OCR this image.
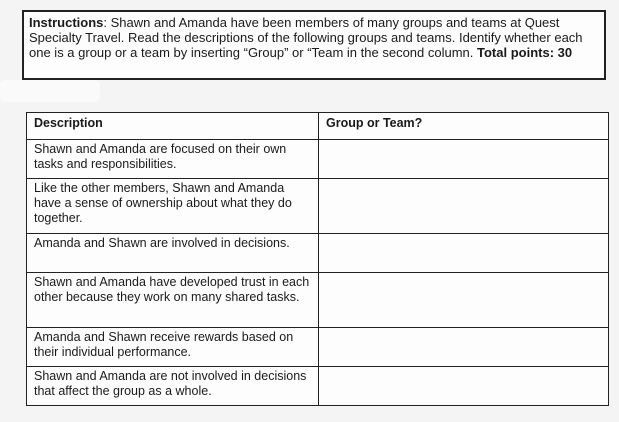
Instructions: Shawn and Amanda have been members of many groups and teams at Quest Specialty Travel. Read the descriptions of the following groups and teams. Identify whether each one is a group or a team by inserting “Group” or “Team in the second column. Total points: 30
Description	Group or Team?
Shawn and Amanda are focused on their own tasks and responsibilities.	
Like the other members, Shawn and Amanda have a sense of ownership about what they do together.	
Amanda and Shawn are involved in decisions.	
Shawn and Amanda have developed trust in each other because they work on many shared tasks.	
Amanda and Shawn receive rewards based on their individual performance.	
Shawn and Amanda are not involved in decisions that affect the group as a whole.	
